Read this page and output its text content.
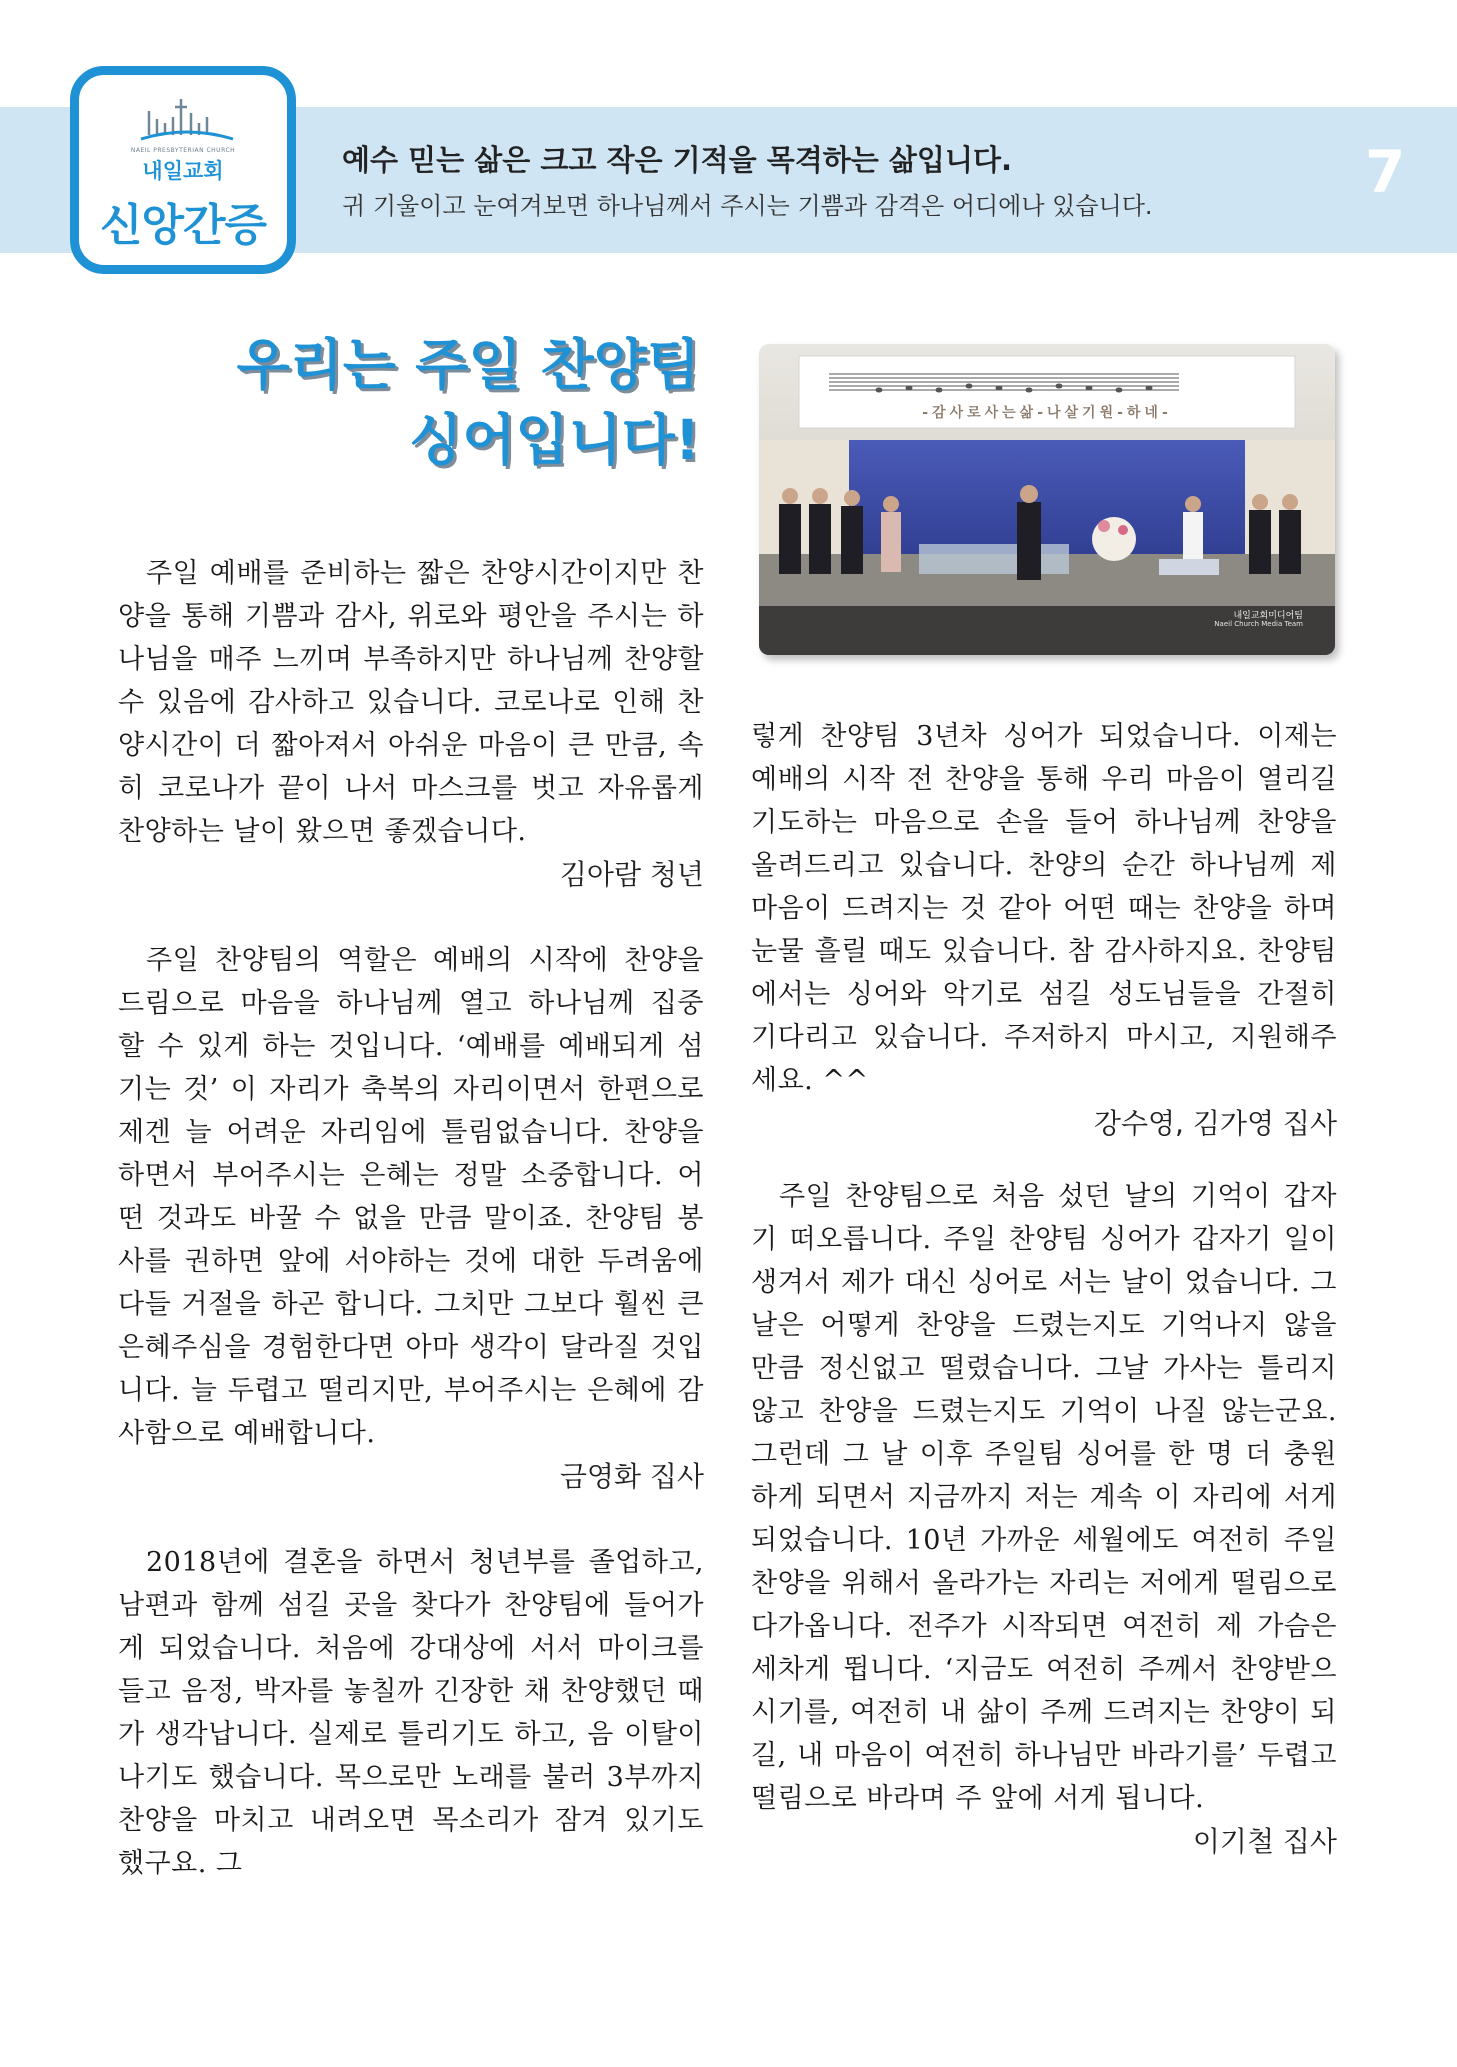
NAEIL PRESBYTERIAN CHURCH
내일교회
신앙간증
예수 믿는 삶은 크고 작은 기적을 목격하는 삶입니다.
귀 기울이고 눈여겨보면 하나님께서 주시는 기쁨과 감격은 어디에나 있습니다.	7
우리는 주일 찬양팀
싱어입니다!	-감사로사는삶-나살기원-하네-
내일교회미디어팀
Naeil Church Media Team

주일 예배를 준비하는 짧은 찬양시간이지만 찬양을 통해 기쁨과 감사, 위로와 평안을 주시는 하나님을 매주 느끼며 부족하지만 하나님께 찬양할 수 있음에 감사하고 있습니다. 코로나로 인해 찬양시간이 더 짧아져서 아쉬운 마음이 큰 만큼, 속히 코로나가 끝이 나서 마스크를 벗고 자유롭게 찬양하는 날이 왔으면 좋겠습니다.

김아람 청년

주일 찬양팀의 역할은 예배의 시작에 찬양을 드림으로 마음을 하나님께 열고 하나님께 집중 할 수 있게 하는 것입니다. ‘예배를 예배되게 섬기는 것’ 이 자리가 축복의 자리이면서 한편으로 제겐 늘 어려운 자리임에 틀림없습니다. 찬양을 하면서 부어주시는 은혜는 정말 소중합니다. 어떤 것과도 바꿀 수 없을 만큼 말이죠. 찬양팀 봉사를 권하면 앞에 서야하는 것에 대한 두려움에 다들 거절을 하곤 합니다. 그치만 그보다 훨씬 큰 은혜주심을 경험한다면 아마 생각이 달라질 것입니다. 늘 두렵고 떨리지만, 부어주시는 은혜에 감사함으로 예배합니다.

금영화 집사

2018년에 결혼을 하면서 청년부를 졸업하고, 남편과 함께 섬길 곳을 찾다가 찬양팀에 들어가게 되었습니다. 처음에 강대상에 서서 마이크를 들고 음정, 박자를 놓칠까 긴장한 채 찬양했던 때가 생각납니다. 실제로 틀리기도 하고, 음 이탈이 나기도 했습니다. 목으로만 노래를 불러 3부까지 찬양을 마치고 내려오면 목소리가 잠겨 있기도 했구요. 그

렇게 찬양팀 3년차 싱어가 되었습니다. 이제는 예배의 시작 전 찬양을 통해 우리 마음이 열리길 기도하는 마음으로 손을 들어 하나님께 찬양을 올려드리고 있습니다. 찬양의 순간 하나님께 제 마음이 드려지는 것 같아 어떤 때는 찬양을 하며 눈물 흘릴 때도 있습니다. 참 감사하지요. 찬양팀에서는 싱어와 악기로 섬길 성도님들을 간절히 기다리고 있습니다. 주저하지 마시고, 지원해주세요. ^^

강수영, 김가영 집사

주일 찬양팀으로 처음 섰던 날의 기억이 갑자기 떠오릅니다. 주일 찬양팀 싱어가 갑자기 일이 생겨서 제가 대신 싱어로 서는 날이 었습니다. 그날은 어떻게 찬양을 드렸는지도 기억나지 않을 만큼 정신없고 떨렸습니다. 그날 가사는 틀리지 않고 찬양을 드렸는지도 기억이 나질 않는군요. 그런데 그 날 이후 주일팀 싱어를 한 명 더 충원하게 되면서 지금까지 저는 계속 이 자리에 서게 되었습니다. 10년 가까운 세월에도 여전히 주일 찬양을 위해서 올라가는 자리는 저에게 떨림으로 다가옵니다. 전주가 시작되면 여전히 제 가슴은 세차게 뜁니다. ‘지금도 여전히 주께서 찬양받으시기를, 여전히 내 삶이 주께 드려지는 찬양이 되길, 내 마음이 여전히 하나님만 바라기를’ 두렵고 떨림으로 바라며 주 앞에 서게 됩니다.

이기철 집사
